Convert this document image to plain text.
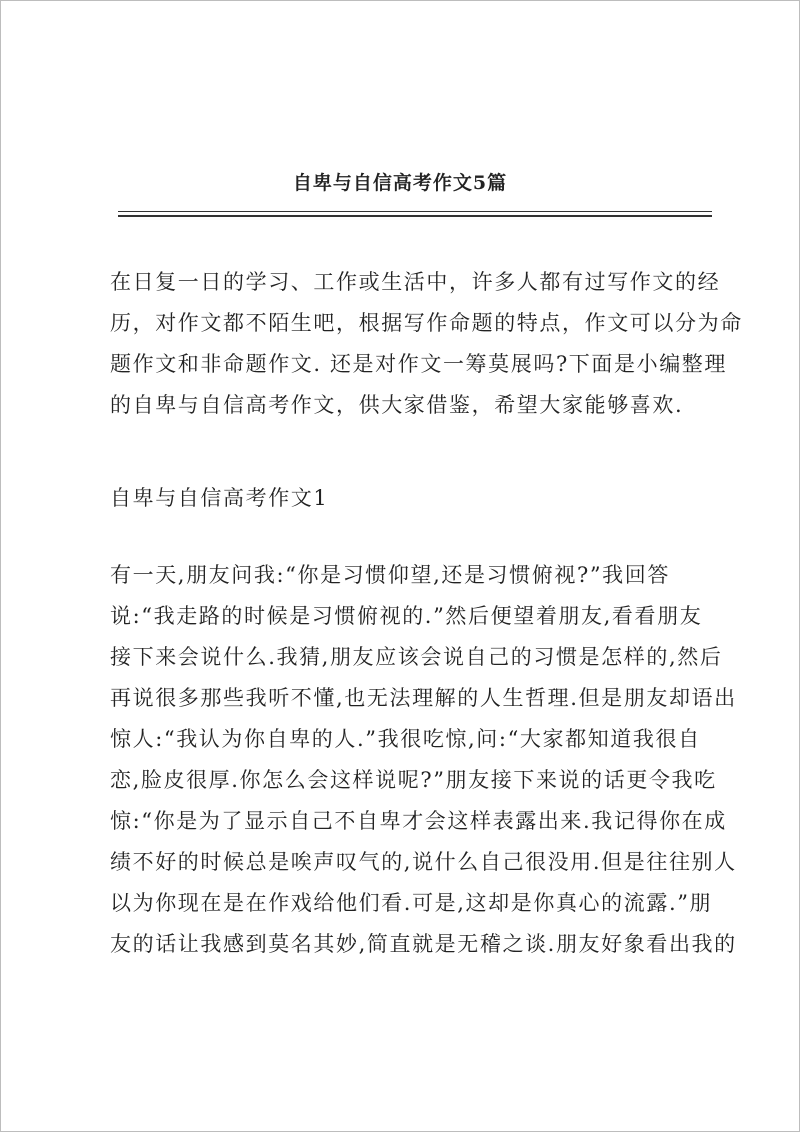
自卑与自信高考作文5篇
在日复一日的学习、工作或生活中，许多人都有过写作文的经
历，对作文都不陌生吧，根据写作命题的特点，作文可以分为命
题作文和非命题作文. 还是对作文一筹莫展吗?下面是小编整理
的自卑与自信高考作文，供大家借鉴，希望大家能够喜欢.
自卑与自信高考作文1
有一天,朋友问我:“你是习惯仰望,还是习惯俯视?”我回答
说:“我走路的时候是习惯俯视的.”然后便望着朋友,看看朋友
接下来会说什么.我猜,朋友应该会说自己的习惯是怎样的,然后
再说很多那些我听不懂,也无法理解的人生哲理.但是朋友却语出
惊人:“我认为你自卑的人.”我很吃惊,问:“大家都知道我很自
恋,脸皮很厚.你怎么会这样说呢?”朋友接下来说的话更令我吃
惊:“你是为了显示自己不自卑才会这样表露出来.我记得你在成
绩不好的时候总是唉声叹气的,说什么自己很没用.但是往往别人
以为你现在是在作戏给他们看.可是,这却是你真心的流露.”朋
友的话让我感到莫名其妙,简直就是无稽之谈.朋友好象看出我的
